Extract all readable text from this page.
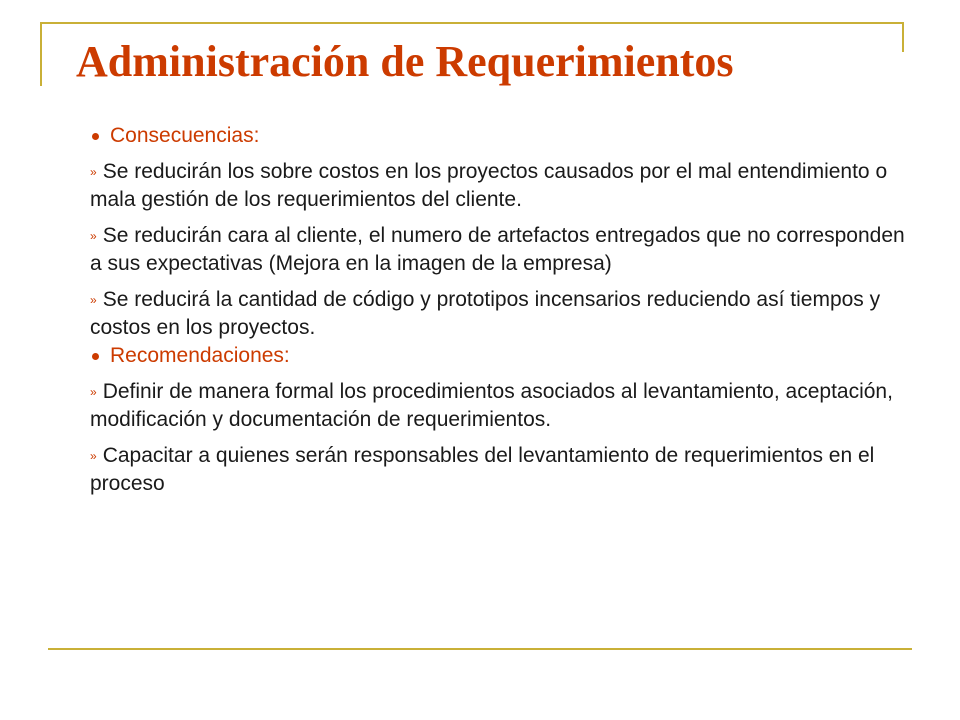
Administración de Requerimientos
Consecuencias:
» Se reducirán los sobre costos en los proyectos causados por el mal entendimiento o mala gestión de los requerimientos del cliente.
» Se reducirán cara al cliente, el numero de artefactos entregados que no corresponden a sus expectativas (Mejora en la imagen de la empresa)
» Se reducirá la cantidad de código y prototipos incensarios reduciendo así tiempos y costos en los proyectos.
Recomendaciones:
» Definir de manera formal los procedimientos asociados al levantamiento, aceptación, modificación y documentación de requerimientos.
» Capacitar a quienes serán responsables del levantamiento de requerimientos en el proceso
